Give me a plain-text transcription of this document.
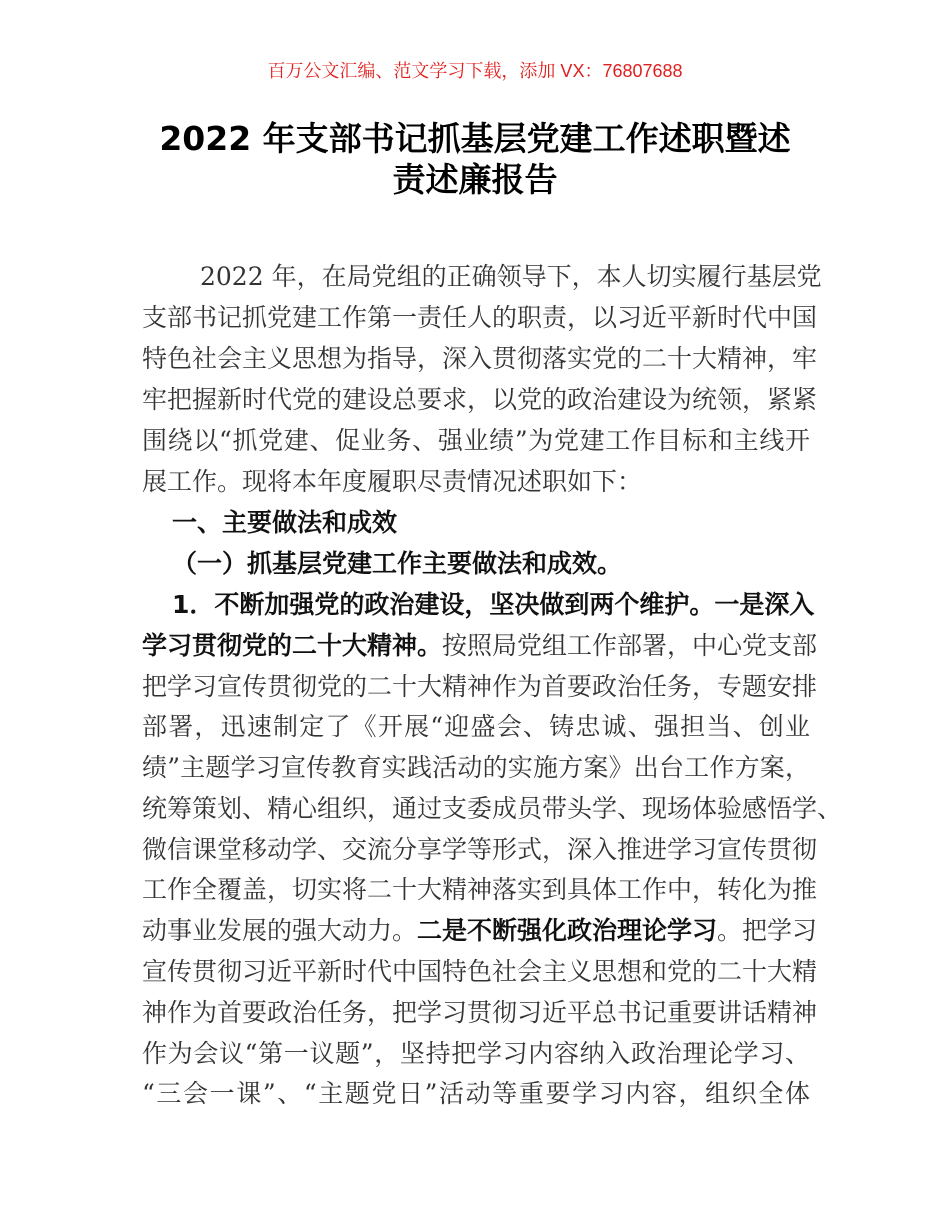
百万公文汇编、范文学习下载，添加 VX：76807688
2022 年支部书记抓基层党建工作述职暨述
责述廉报告
2022 年，在局党组的正确领导下，本人切实履行基层党
支部书记抓党建工作第一责任人的职责，以习近平新时代中国
特色社会主义思想为指导，深入贯彻落实党的二十大精神，牢
牢把握新时代党的建设总要求，以党的政治建设为统领，紧紧
围绕以“抓党建、促业务、强业绩”为党建工作目标和主线开
展工作。现将本年度履职尽责情况述职如下：
一、主要做法和成效
（一）抓基层党建工作主要做法和成效。
1．不断加强党的政治建设，坚决做到两个维护。一是深入
学习贯彻党的二十大精神。按照局党组工作部署，中心党支部
把学习宣传贯彻党的二十大精神作为首要政治任务，专题安排
部署，迅速制定了《开展“迎盛会、铸忠诚、强担当、创业
绩”主题学习宣传教育实践活动的实施方案》出台工作方案，
统筹策划、精心组织，通过支委成员带头学、现场体验感悟学、
微信课堂移动学、交流分享学等形式，深入推进学习宣传贯彻
工作全覆盖，切实将二十大精神落实到具体工作中，转化为推
动事业发展的强大动力。二是不断强化政治理论学习。把学习
宣传贯彻习近平新时代中国特色社会主义思想和党的二十大精
神作为首要政治任务，把学习贯彻习近平总书记重要讲话精神
作为会议“第一议题”，坚持把学习内容纳入政治理论学习、
“三会一课”、“主题党日”活动等重要学习内容，组织全体
